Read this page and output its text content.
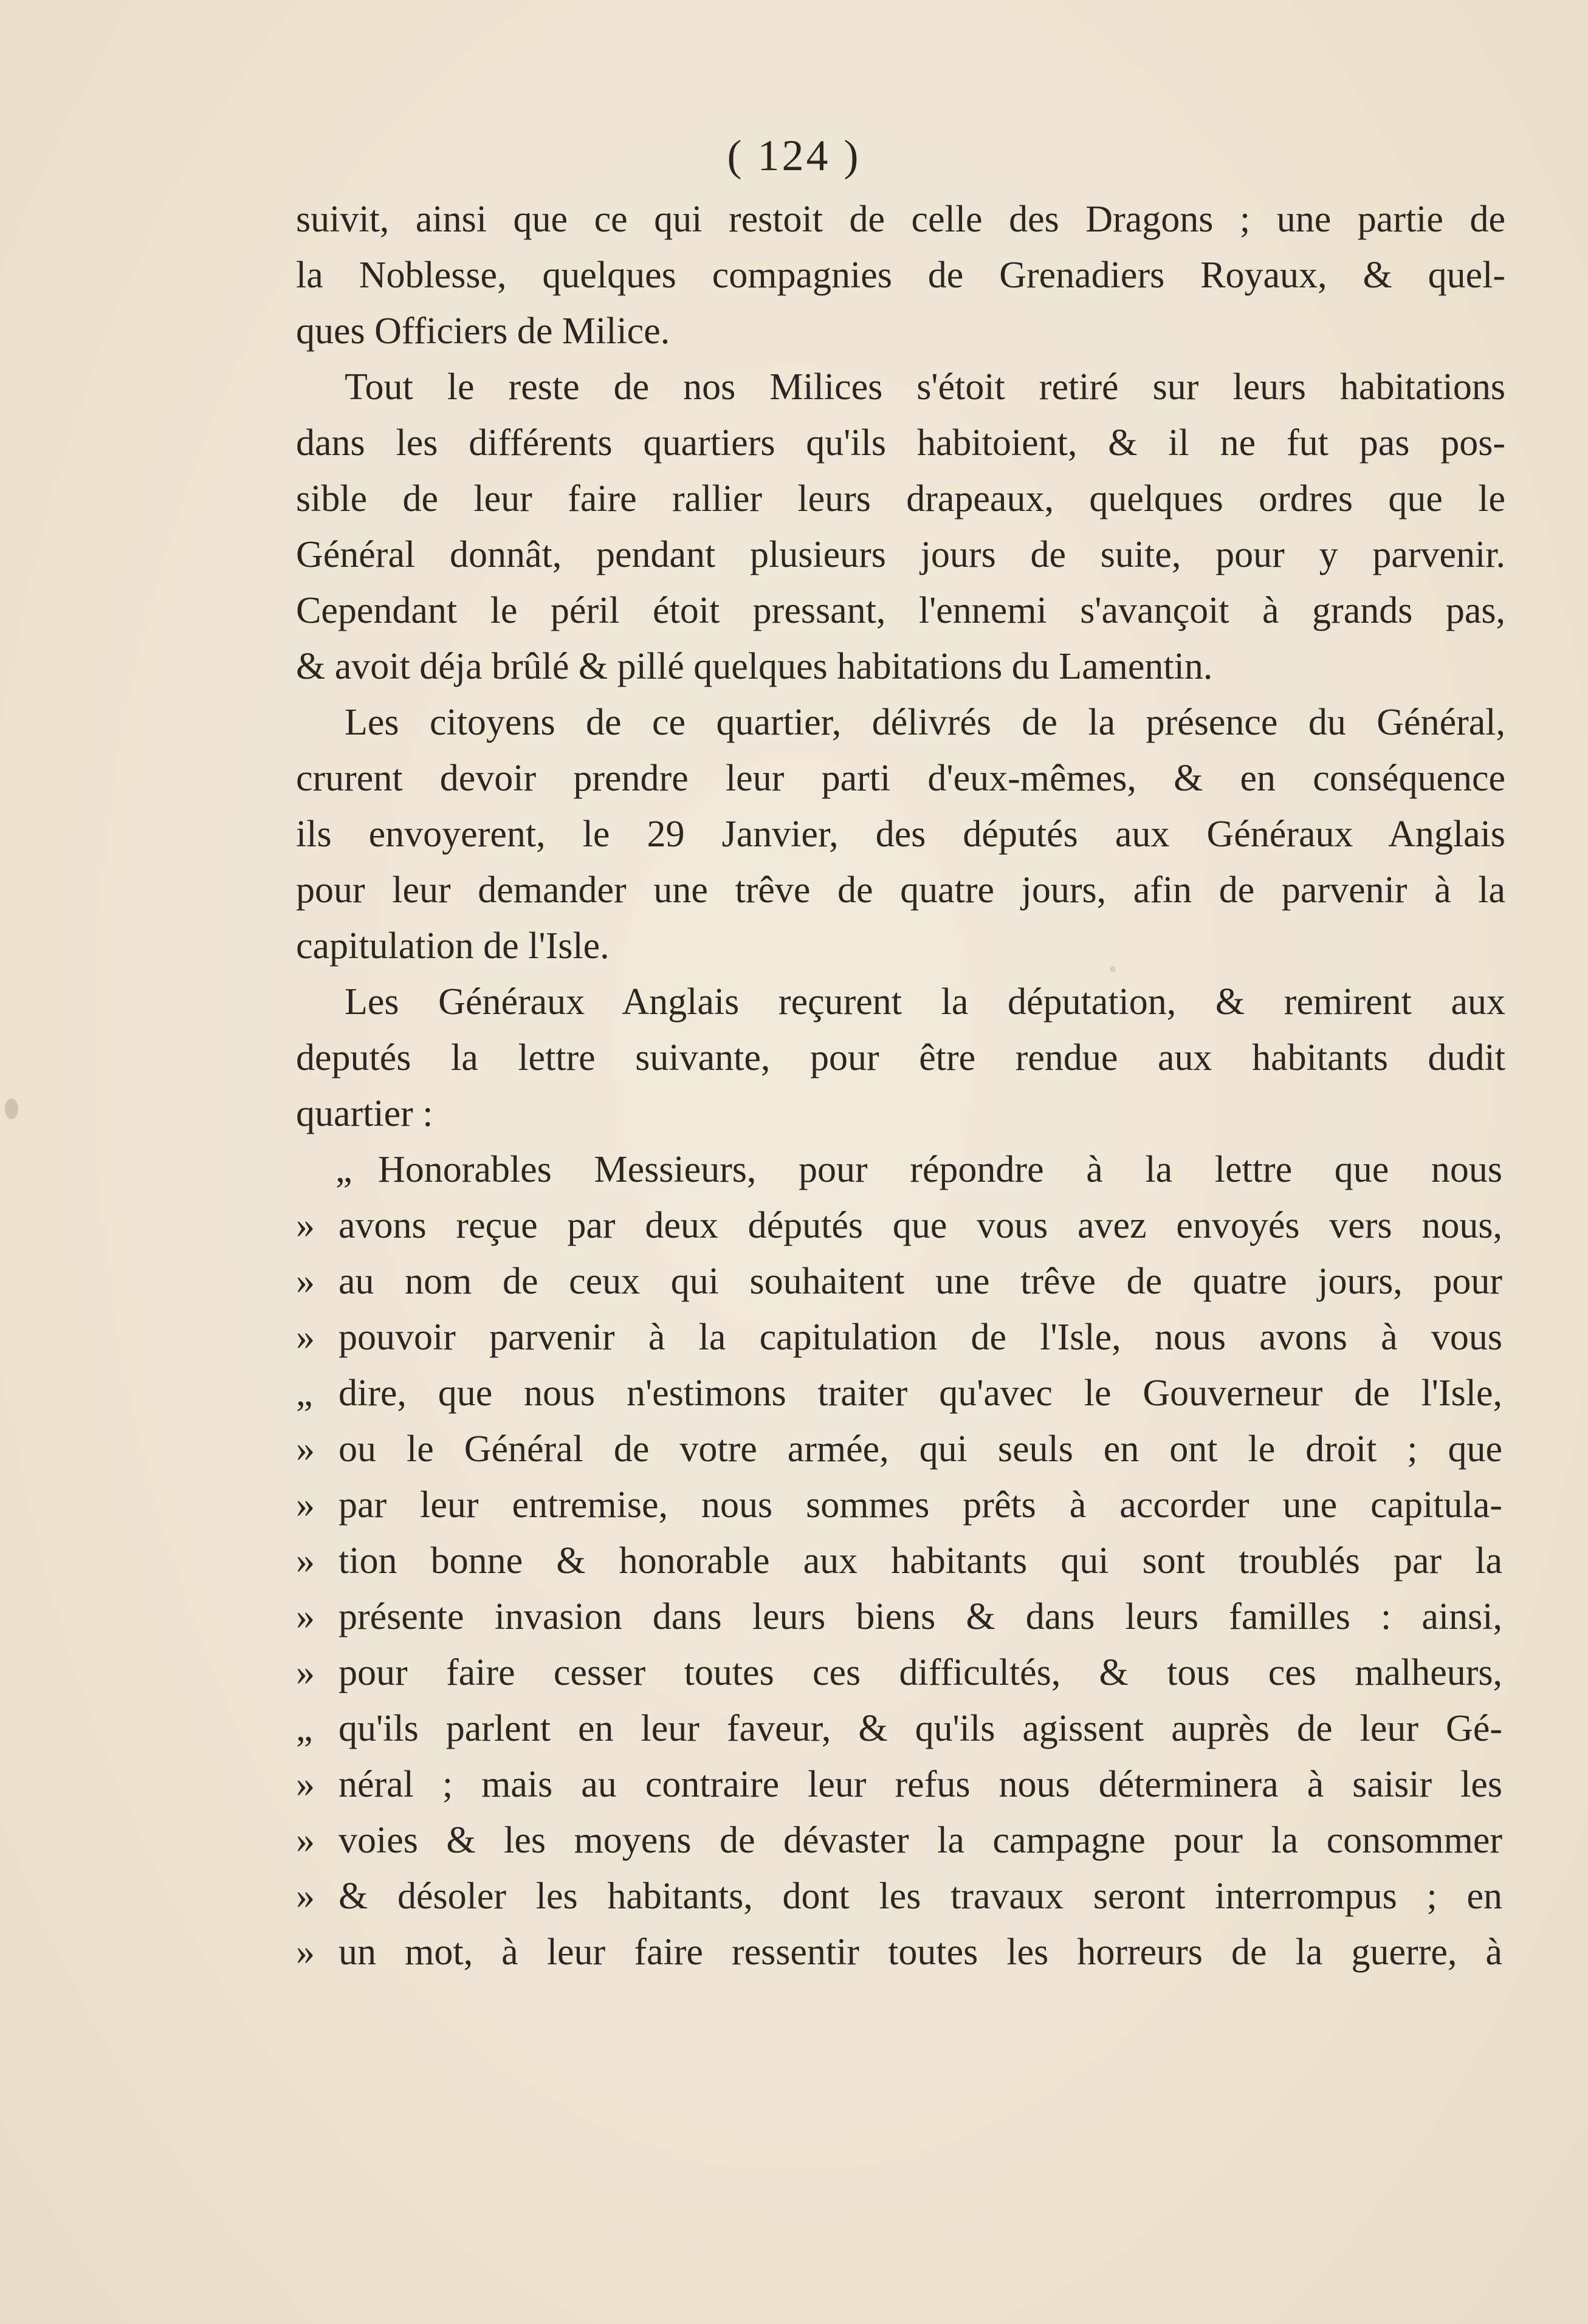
( 124 )
suivit, ainsi que ce qui restoit de celle des Dragons ; une partie de
la Noblesse, quelques compagnies de Grenadiers Royaux, & quel-
ques Officiers de Milice.
Tout le reste de nos Milices s'étoit retiré sur leurs habitations
dans les différents quartiers qu'ils habitoient, & il ne fut pas pos-
sible de leur faire rallier leurs drapeaux, quelques ordres que le
Général donnât, pendant plusieurs jours de suite, pour y parvenir.
Cependant le péril étoit pressant, l'ennemi s'avançoit à grands pas,
& avoit déja brûlé & pillé quelques habitations du Lamentin.
Les citoyens de ce quartier, délivrés de la présence du Général,
crurent devoir prendre leur parti d'eux-mêmes, & en conséquence
ils envoyerent, le 29 Janvier, des députés aux Généraux Anglais
pour leur demander une trêve de quatre jours, afin de parvenir à la
capitulation de l'Isle.
Les Généraux Anglais reçurent la députation, & remirent aux
deputés la lettre suivante, pour être rendue aux habitants dudit
quartier :
„ Honorables Messieurs, pour répondre à la lettre que nous
» avons reçue par deux députés que vous avez envoyés vers nous,
» au nom de ceux qui souhaitent une trêve de quatre jours, pour
» pouvoir parvenir à la capitulation de l'Isle, nous avons à vous
„ dire, que nous n'estimons traiter qu'avec le Gouverneur de l'Isle,
» ou le Général de votre armée, qui seuls en ont le droit ; que
» par leur entremise, nous sommes prêts à accorder une capitula-
» tion bonne & honorable aux habitants qui sont troublés par la
» présente invasion dans leurs biens & dans leurs familles : ainsi,
» pour faire cesser toutes ces difficultés, & tous ces malheurs,
„ qu'ils parlent en leur faveur, & qu'ils agissent auprès de leur Gé-
» néral ; mais au contraire leur refus nous déterminera à saisir les
» voies & les moyens de dévaster la campagne pour la consommer
» & désoler les habitants, dont les travaux seront interrompus ; en
» un mot, à leur faire ressentir toutes les horreurs de la guerre, à
